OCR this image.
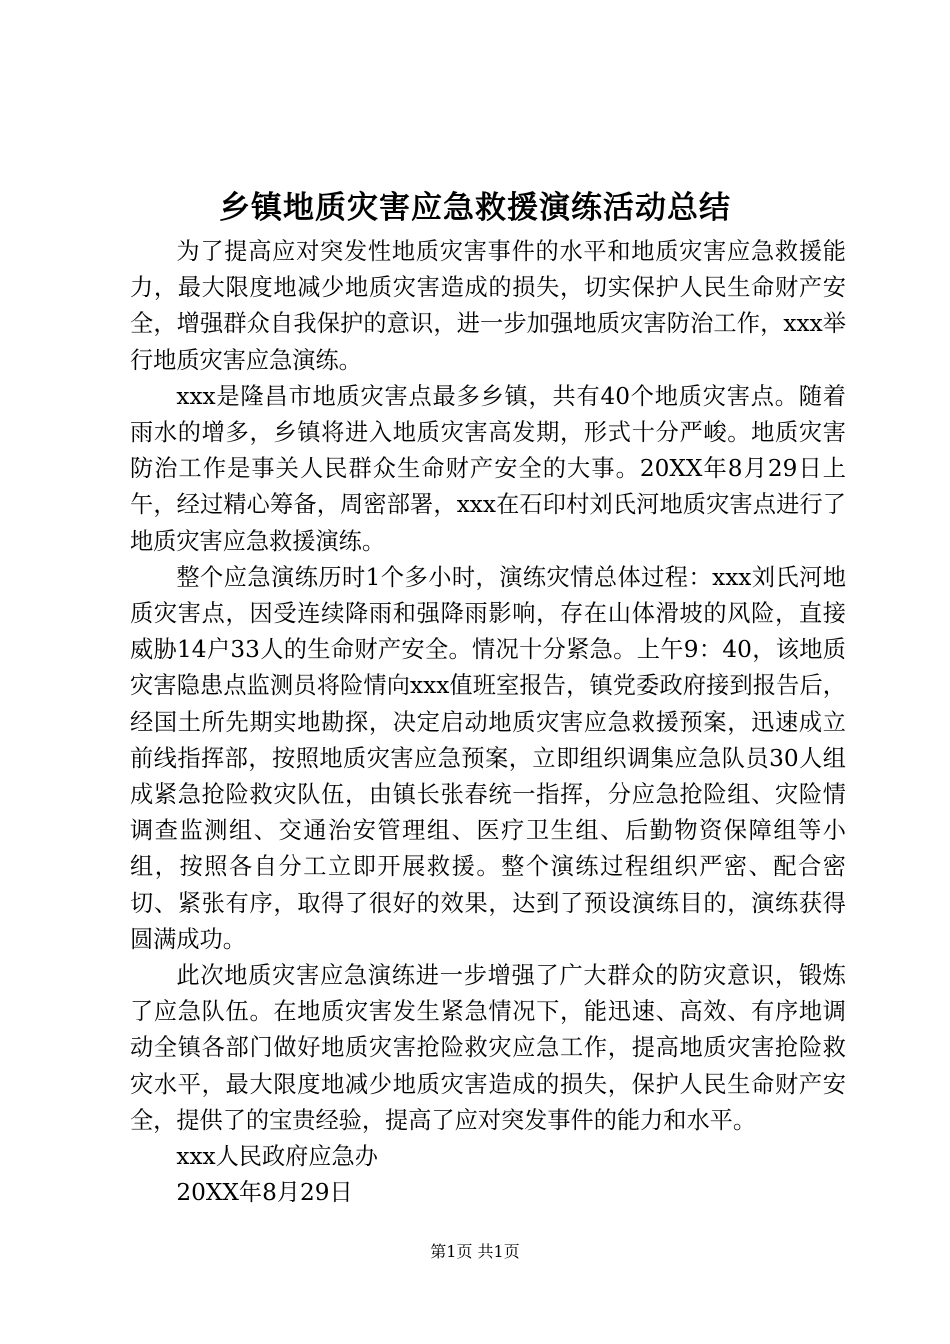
乡镇地质灾害应急救援演练活动总结

为了提高应对突发性地质灾害事件的水平和地质灾害应急救援能力，最大限度地减少地质灾害造成的损失，切实保护人民生命财产安全，增强群众自我保护的意识，进一步加强地质灾害防治工作，xxx举行地质灾害应急演练。

xxx是隆昌市地质灾害点最多乡镇，共有40个地质灾害点。随着雨水的增多，乡镇将进入地质灾害高发期，形式十分严峻。地质灾害防治工作是事关人民群众生命财产安全的大事。20XX年8月29日上午，经过精心筹备，周密部署，xxx在石印村刘氏河地质灾害点进行了地质灾害应急救援演练。

整个应急演练历时1个多小时，演练灾情总体过程：xxx刘氏河地质灾害点，因受连续降雨和强降雨影响，存在山体滑坡的风险，直接威胁14户33人的生命财产安全。情况十分紧急。上午9：40，该地质灾害隐患点监测员将险情向xxx值班室报告，镇党委政府接到报告后，经国土所先期实地勘探，决定启动地质灾害应急救援预案，迅速成立前线指挥部，按照地质灾害应急预案，立即组织调集应急队员30人组成紧急抢险救灾队伍，由镇长张春统一指挥，分应急抢险组、灾险情调查监测组、交通治安管理组、医疗卫生组、后勤物资保障组等小组，按照各自分工立即开展救援。整个演练过程组织严密、配合密切、紧张有序，取得了很好的效果，达到了预设演练目的，演练获得圆满成功。

此次地质灾害应急演练进一步增强了广大群众的防灾意识，锻炼了应急队伍。在地质灾害发生紧急情况下，能迅速、高效、有序地调动全镇各部门做好地质灾害抢险救灾应急工作，提高地质灾害抢险救灾水平，最大限度地减少地质灾害造成的损失，保护人民生命财产安全，提供了的宝贵经验，提高了应对突发事件的能力和水平。

xxx人民政府应急办

20XX年8月29日

第1页 共1页
